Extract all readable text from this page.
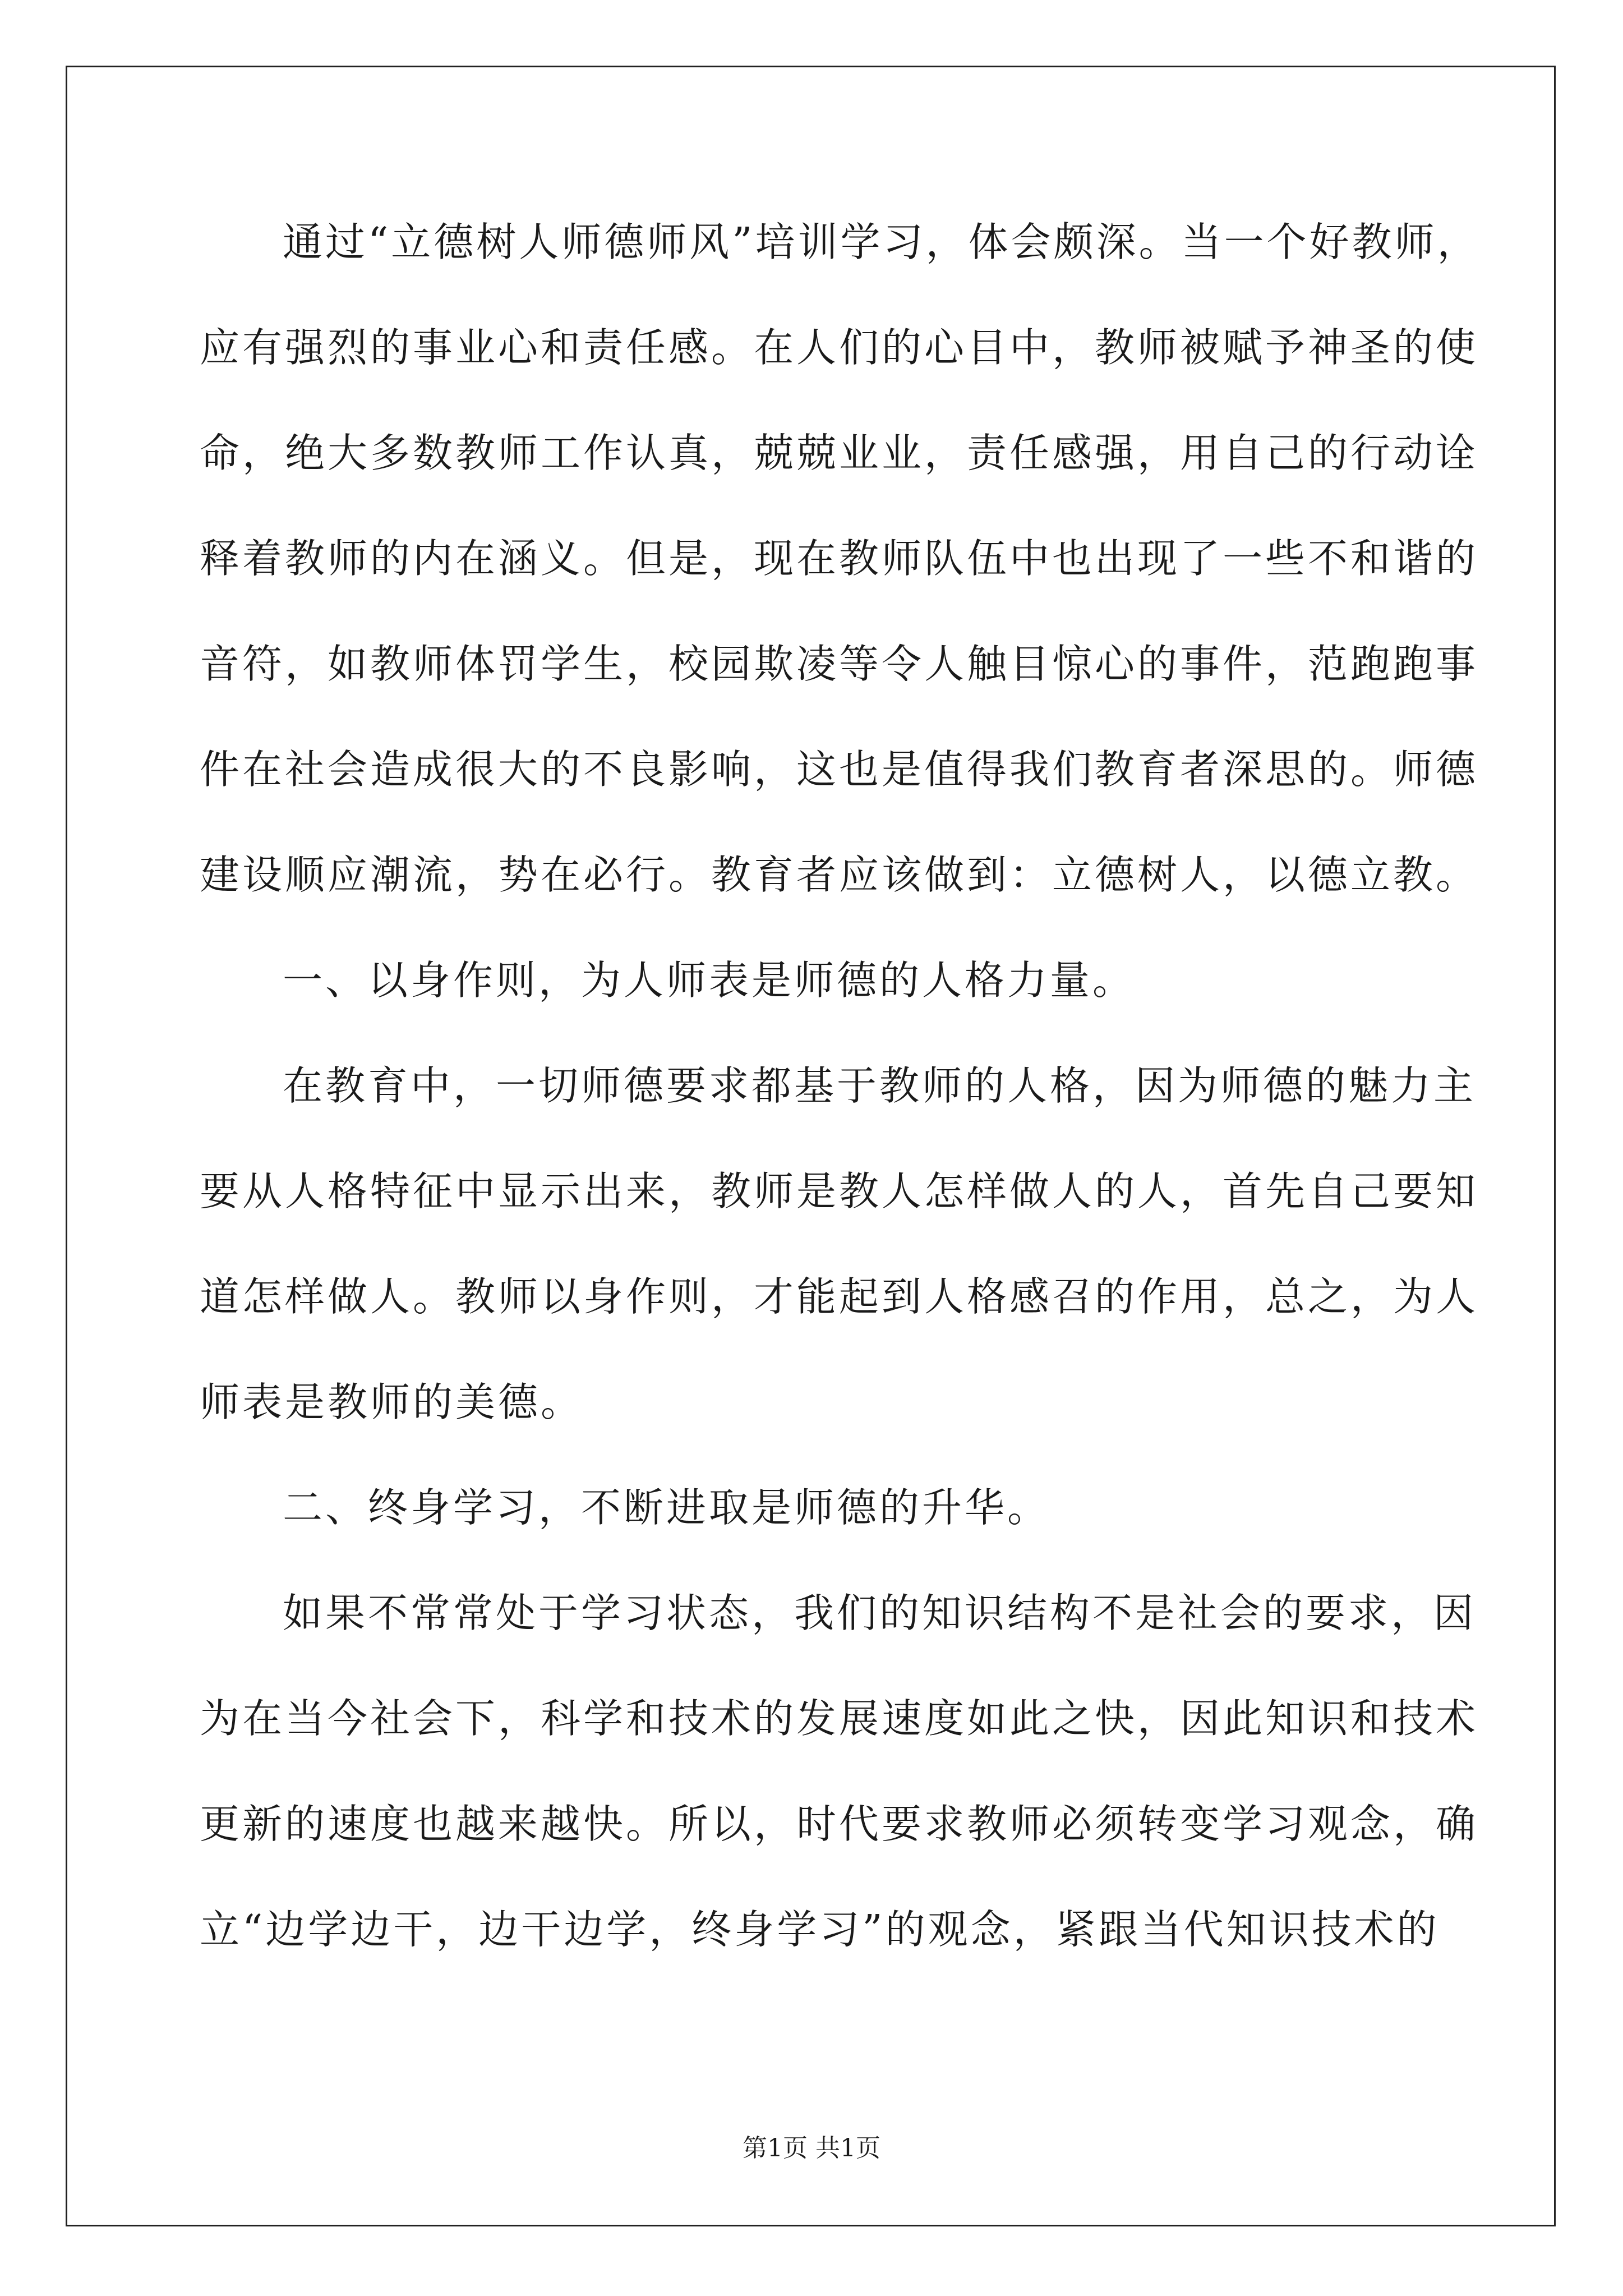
通过“立德树人师德师风”培训学习，体会颇深。当一个好教师，
应有强烈的事业心和责任感。在人们的心目中，教师被赋予神圣的使
命，绝大多数教师工作认真，兢兢业业，责任感强，用自己的行动诠
释着教师的内在涵义。但是，现在教师队伍中也出现了一些不和谐的
音符，如教师体罚学生，校园欺凌等令人触目惊心的事件，范跑跑事
件在社会造成很大的不良影响，这也是值得我们教育者深思的。师德
建设顺应潮流，势在必行。教育者应该做到：立德树人，以德立教。
一、以身作则，为人师表是师德的人格力量。
在教育中，一切师德要求都基于教师的人格，因为师德的魅力主
要从人格特征中显示出来，教师是教人怎样做人的人，首先自己要知
道怎样做人。教师以身作则，才能起到人格感召的作用，总之，为人
师表是教师的美德。
二、终身学习，不断进取是师德的升华。
如果不常常处于学习状态，我们的知识结构不是社会的要求，因
为在当今社会下，科学和技术的发展速度如此之快，因此知识和技术
更新的速度也越来越快。所以，时代要求教师必须转变学习观念，确
立“边学边干，边干边学，终身学习”的观念，紧跟当代知识技术的
第1页 共1页
